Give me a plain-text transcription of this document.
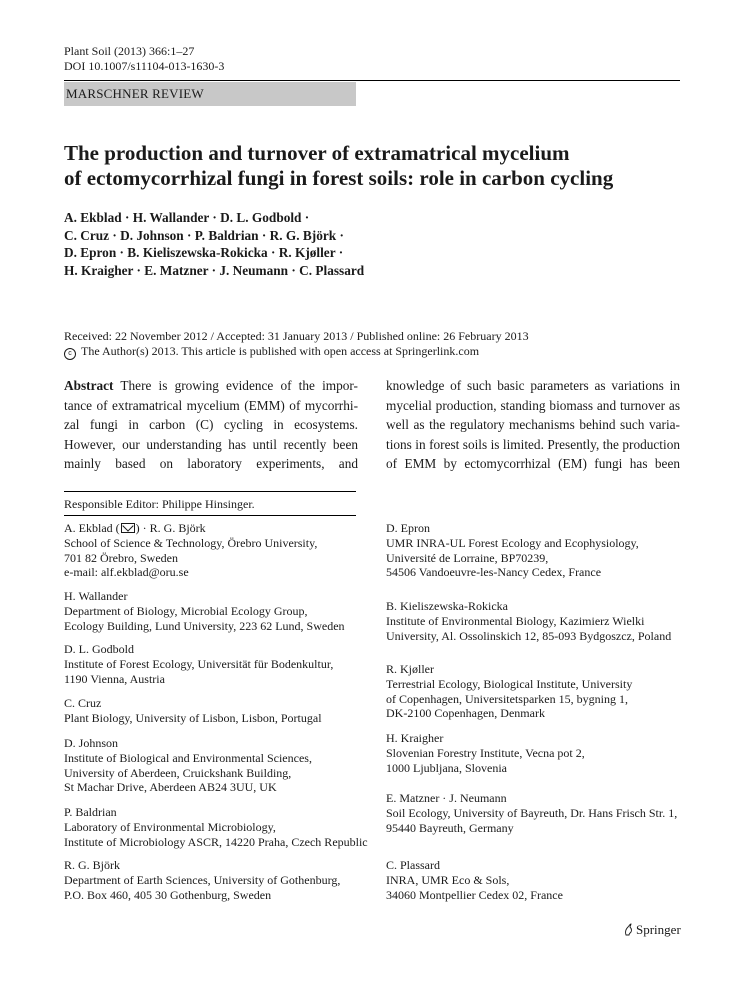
Plant Soil (2013) 366:1–27
DOI 10.1007/s11104-013-1630-3
MARSCHNER REVIEW
The production and turnover of extramatrical mycelium
of ectomycorrhizal fungi in forest soils: role in carbon cycling
A. Ekblad · H. Wallander · D. L. Godbold ·
C. Cruz · D. Johnson · P. Baldrian · R. G. Björk ·
D. Epron · B. Kieliszewska-Rokicka · R. Kjøller ·
H. Kraigher · E. Matzner · J. Neumann · C. Plassard
Received: 22 November 2012 / Accepted: 31 January 2013 / Published online: 26 February 2013
c The Author(s) 2013. This article is published with open access at Springerlink.com
Abstract There is growing evidence of the impor-
tance of extramatrical mycelium (EMM) of mycorrhi-
zal fungi in carbon (C) cycling in ecosystems.
However, our understanding has until recently been
mainly based on laboratory experiments, and
knowledge of such basic parameters as variations in
mycelial production, standing biomass and turnover as
well as the regulatory mechanisms behind such varia-
tions in forest soils is limited. Presently, the production
of EMM by ectomycorrhizal (EM) fungi has been
Responsible Editor: Philippe Hinsinger.
A. Ekblad ( ) · R. G. Björk
School of Science & Technology, Örebro University,
701 82 Örebro, Sweden
e-mail: alf.ekblad@oru.se
H. Wallander
Department of Biology, Microbial Ecology Group,
Ecology Building, Lund University, 223 62 Lund, Sweden
D. L. Godbold
Institute of Forest Ecology, Universität für Bodenkultur,
1190 Vienna, Austria
C. Cruz
Plant Biology, University of Lisbon, Lisbon, Portugal
D. Johnson
Institute of Biological and Environmental Sciences,
University of Aberdeen, Cruickshank Building,
St Machar Drive, Aberdeen AB24 3UU, UK
P. Baldrian
Laboratory of Environmental Microbiology,
Institute of Microbiology ASCR, 14220 Praha, Czech Republic
R. G. Björk
Department of Earth Sciences, University of Gothenburg,
P.O. Box 460, 405 30 Gothenburg, Sweden
D. Epron
UMR INRA-UL Forest Ecology and Ecophysiology,
Université de Lorraine, BP70239,
54506 Vandoeuvre-les-Nancy Cedex, France
B. Kieliszewska-Rokicka
Institute of Environmental Biology, Kazimierz Wielki
University, Al. Ossolinskich 12, 85-093 Bydgoszcz, Poland
R. Kjøller
Terrestrial Ecology, Biological Institute, University
of Copenhagen, Universitetsparken 15, bygning 1,
DK-2100 Copenhagen, Denmark
H. Kraigher
Slovenian Forestry Institute, Vecna pot 2,
1000 Ljubljana, Slovenia
E. Matzner · J. Neumann
Soil Ecology, University of Bayreuth, Dr. Hans Frisch Str. 1,
95440 Bayreuth, Germany
C. Plassard
INRA, UMR Eco & Sols,
34060 Montpellier Cedex 02, France
Springer
